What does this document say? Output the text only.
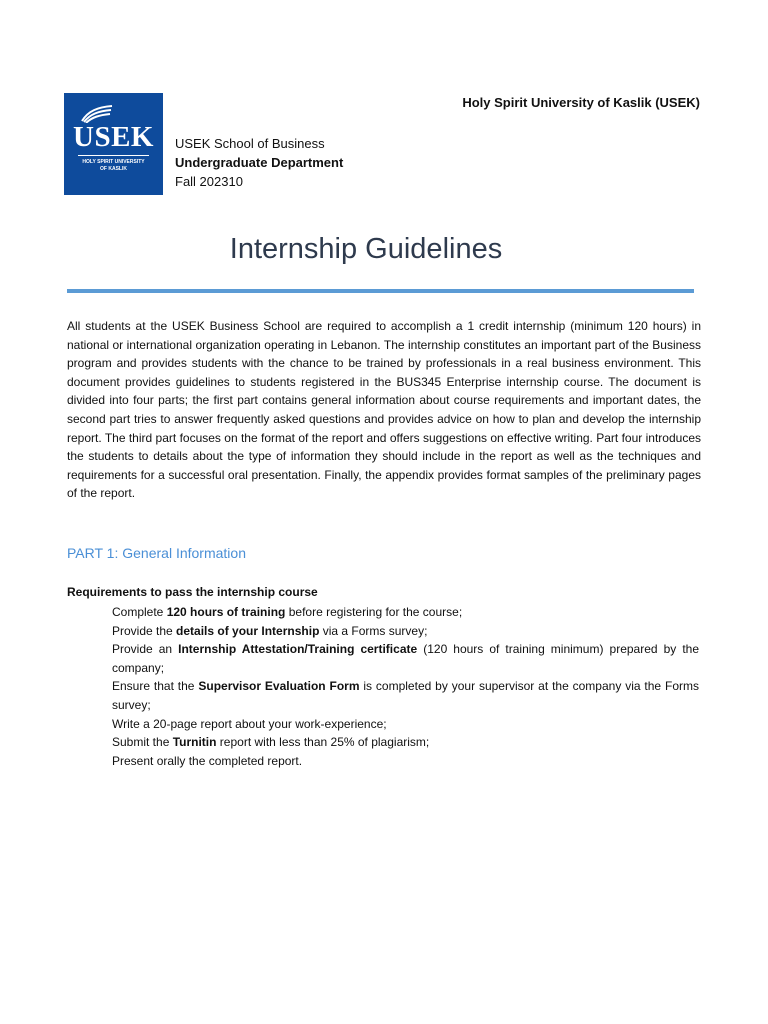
USEK
HOLY SPIRIT UNIVERSITY
OF KASLIK
Holy Spirit University of Kaslik (USEK)
USEK School of Business
Undergraduate Department
Fall 202310
Internship Guidelines

All students at the USEK Business School are required to accomplish a 1 credit internship (minimum 120 hours) in national or international organization operating in Lebanon. The internship constitutes an important part of the Business program and provides students with the chance to be trained by professionals in a real business environment. This document provides guidelines to students registered in the BUS345 Enterprise internship course. The document is divided into four parts; the first part contains general information about course requirements and important dates, the second part tries to answer frequently asked questions and provides advice on how to plan and develop the internship report. The third part focuses on the format of the report and offers suggestions on effective writing. Part four introduces the students to details about the type of information they should include in the report as well as the techniques and requirements for a successful oral presentation. Finally, the appendix provides format samples of the preliminary pages of the report.

PART 1: General Information
Requirements to pass the internship course
Complete 120 hours of training before registering for the course;
Provide the details of your Internship via a Forms survey;
Provide an Internship Attestation/Training certificate (120 hours of training minimum) prepared by the company;
Ensure that the Supervisor Evaluation Form is completed by your supervisor at the company via the Forms survey;
Write a 20-page report about your work-experience;
Submit the Turnitin report with less than 25% of plagiarism;
Present orally the completed report.
